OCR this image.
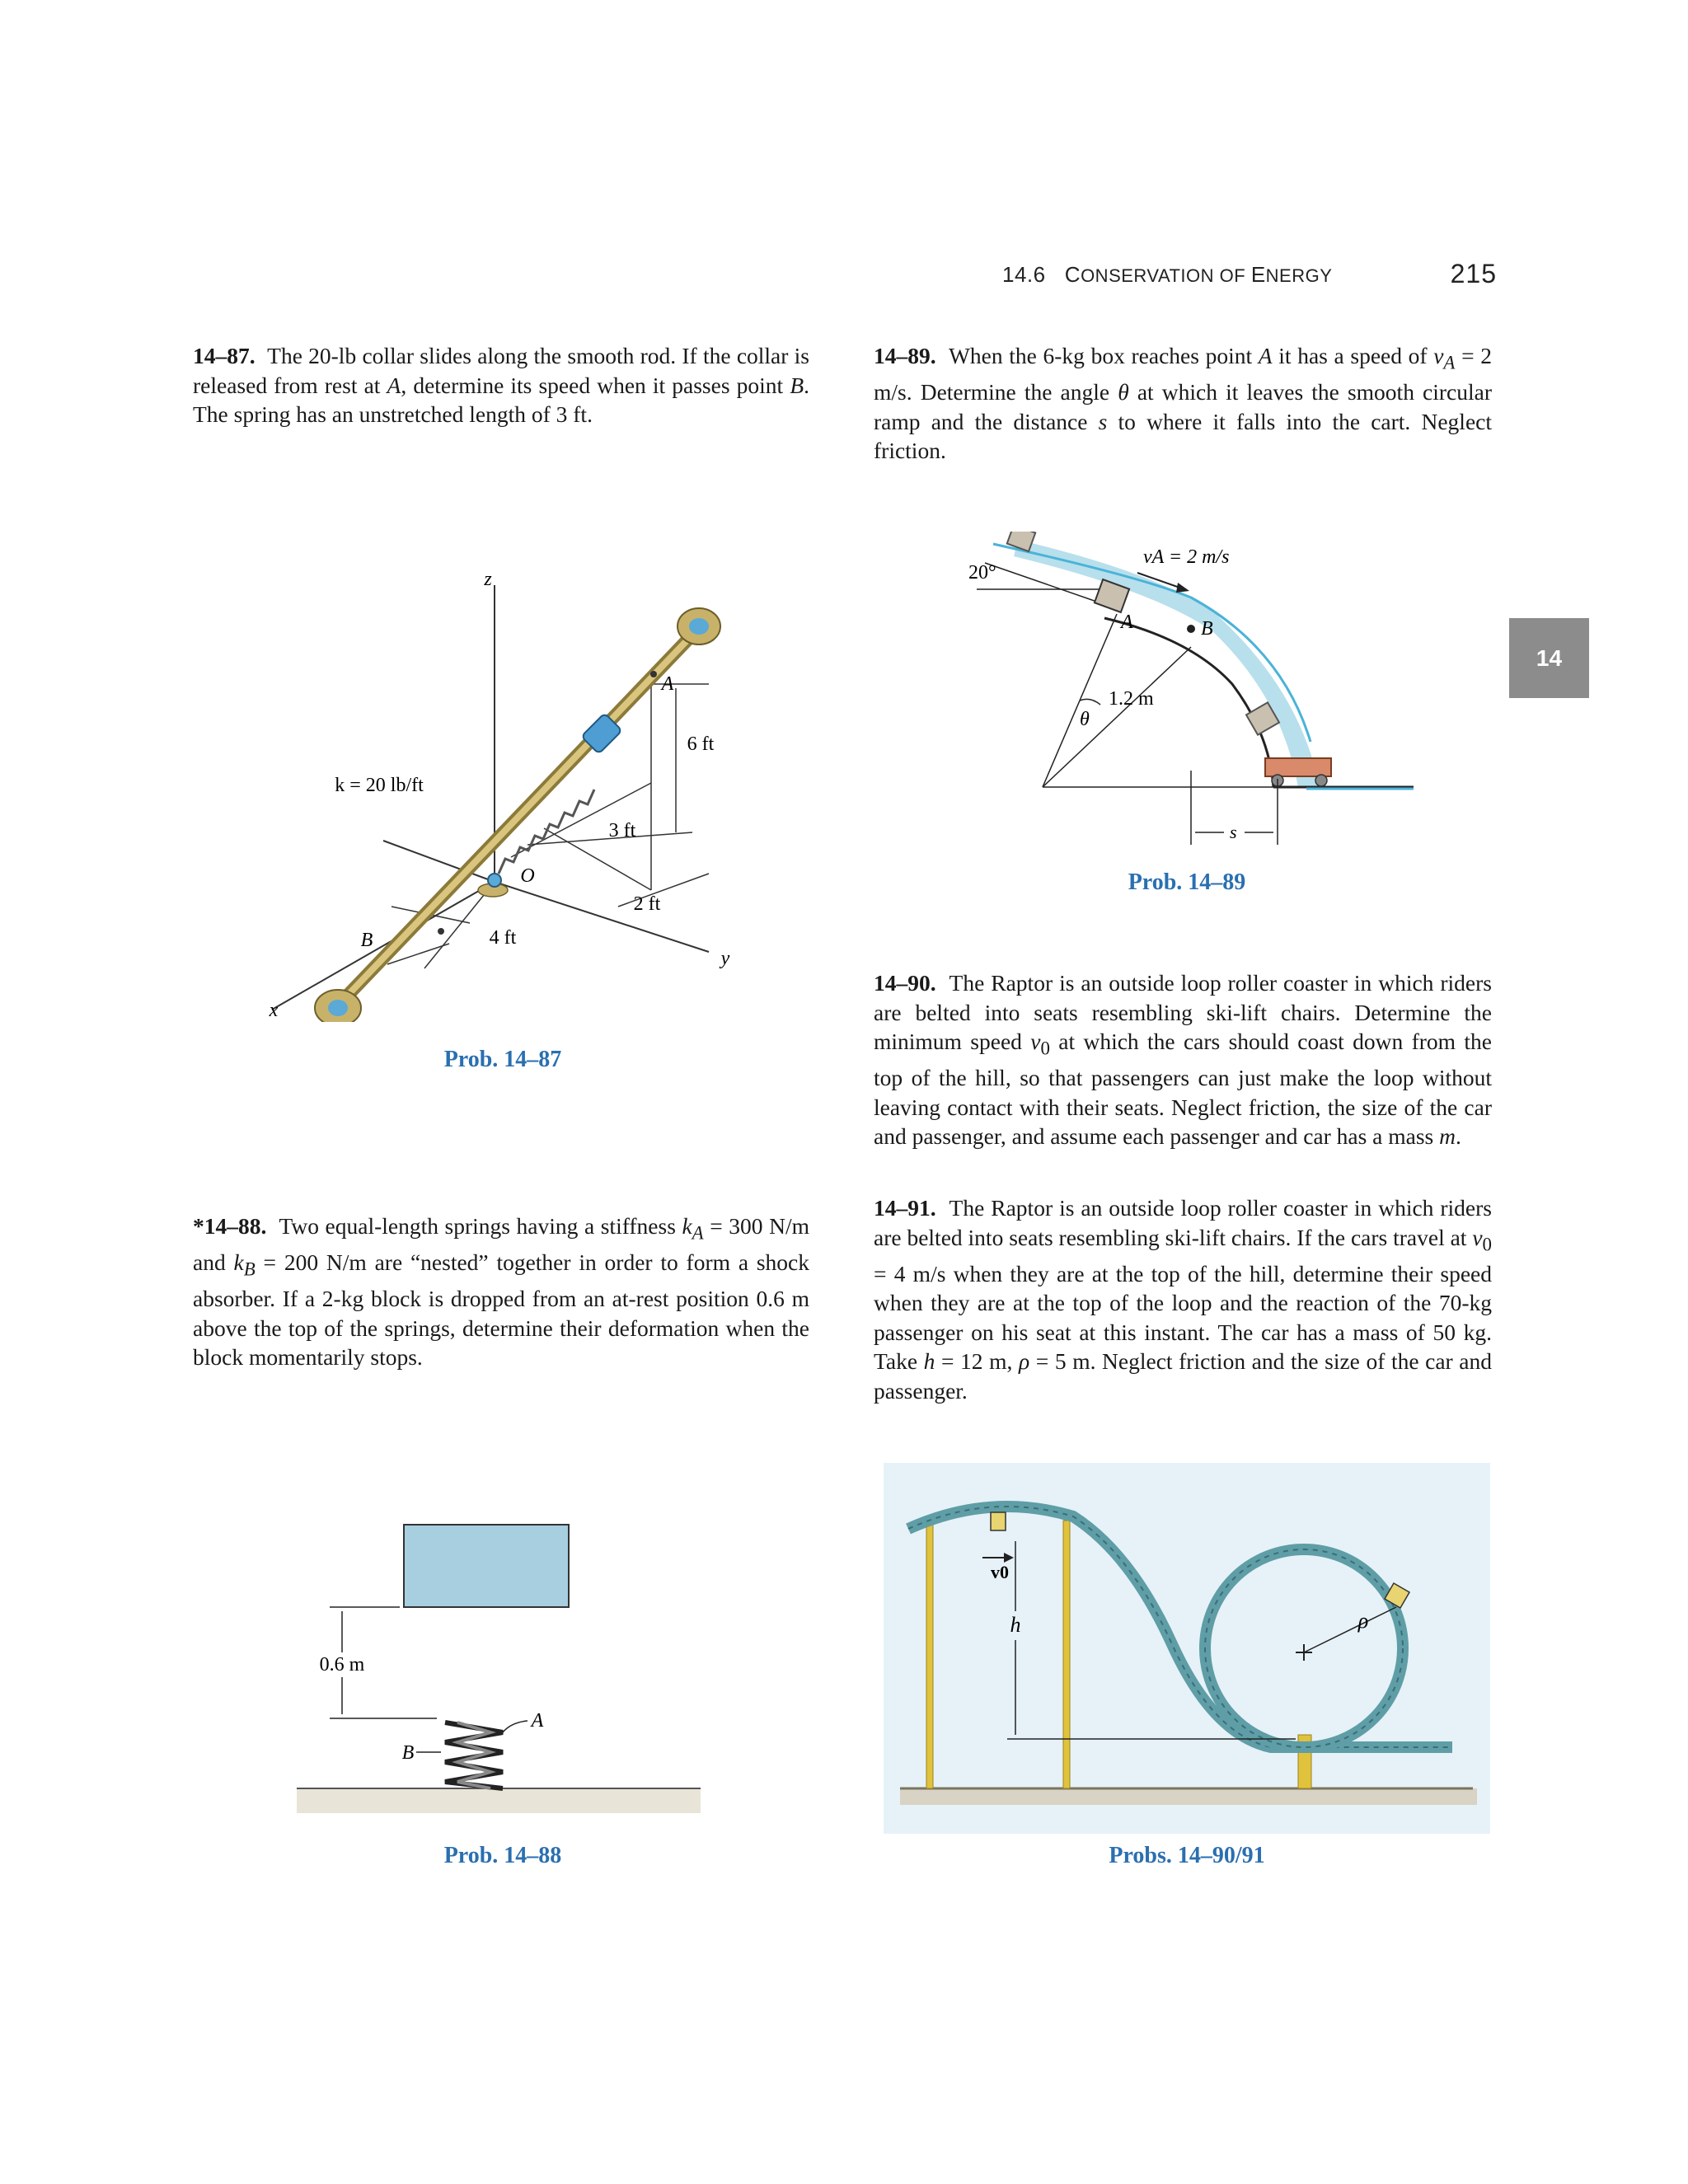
14.6 CONSERVATION OF ENERGY	215
14
14–87. The 20-lb collar slides along the smooth rod. If the collar is released from rest at A, determine its speed when it passes point B. The spring has an unstretched length of 3 ft.
14–89. When the 6-kg box reaches point A it has a speed of $v_A = 2$ m/s. Determine the angle θ at which it leaves the smooth circular ramp and the distance s to where it falls into the cart. Neglect friction.
z
x
y
A
B
O
k = 20 lb/ft
6 ft
3 ft
2 ft
4 ft
Prob. 14–87
20°
vA = 2 m/s
A	B
1.2 m
θ
s
Prob. 14–89
14–90. The Raptor is an outside loop roller coaster in which riders are belted into seats resembling ski-lift chairs. Determine the minimum speed $v_0$ at which the cars should coast down from the top of the hill, so that passengers can just make the loop without leaving contact with their seats. Neglect friction, the size of the car and passenger, and assume each passenger and car has a mass m.
14–91. The Raptor is an outside loop roller coaster in which riders are belted into seats resembling ski-lift chairs. If the cars travel at $v_0 = 4$ m/s when they are at the top of the hill, determine their speed when they are at the top of the loop and the reaction of the 70-kg passenger on his seat at this instant. The car has a mass of 50 kg. Take h = 12 m, ρ = 5 m. Neglect friction and the size of the car and passenger.
*14–88. Two equal-length springs having a stiffness $k_A = 300$ N/m and $k_B = 200$ N/m are “nested” together in order to form a shock absorber. If a 2-kg block is dropped from an at-rest position 0.6 m above the top of the springs, determine their deformation when the block momentarily stops.
0.6 m
B
A
Prob. 14–88
v0
h	ρ
Probs. 14–90/91
